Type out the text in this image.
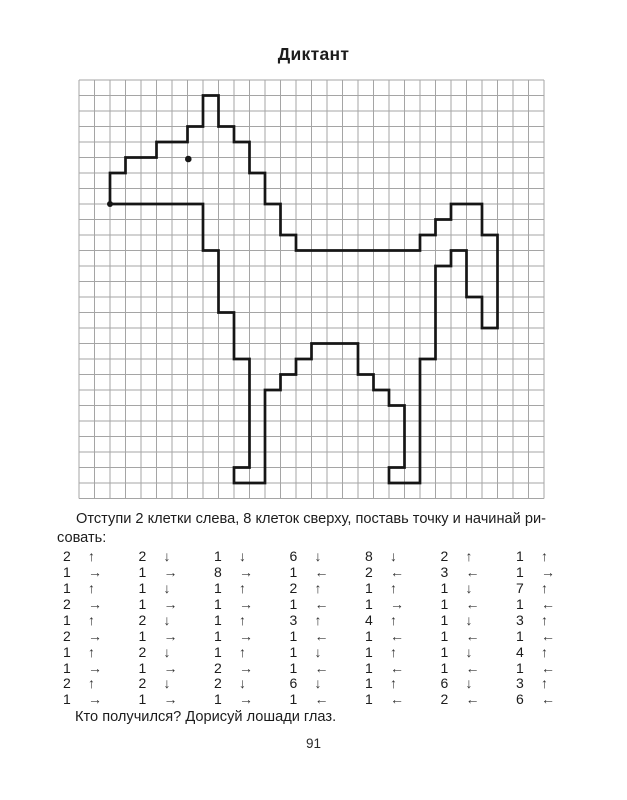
Диктант

Отступи 2 клетки слева, 8 клеток сверху, поставь точку и начинай ри-
совать:

2 ↑	2 ↓	1 ↓	6 ↓	8 ↓	2 ↑	1 ↑
1 →	1 →	8 →	1 ←	2 ←	3 ←	1 →
1 ↑	1 ↓	1 ↑	2 ↑	1 ↑	1 ↓	7 ↑
2 →	1 →	1 →	1 ←	1 →	1 ←	1 ←
1 ↑	2 ↓	1 ↑	3 ↑	4 ↑	1 ↓	3 ↑
2 →	1 →	1 →	1 ←	1 ←	1 ←	1 ←
1 ↑	2 ↓	1 ↑	1 ↓	1 ↑	1 ↓	4 ↑
1 →	1 →	2 →	1 ←	1 ←	1 ←	1 ←
2 ↑	2 ↓	2 ↓	6 ↓	1 ↑	6 ↓	3 ↑
1 →	1 →	1 →	1 ←	1 ←	2 ←	6 ←

Кто получился? Дорисуй лошади глаз.

91
